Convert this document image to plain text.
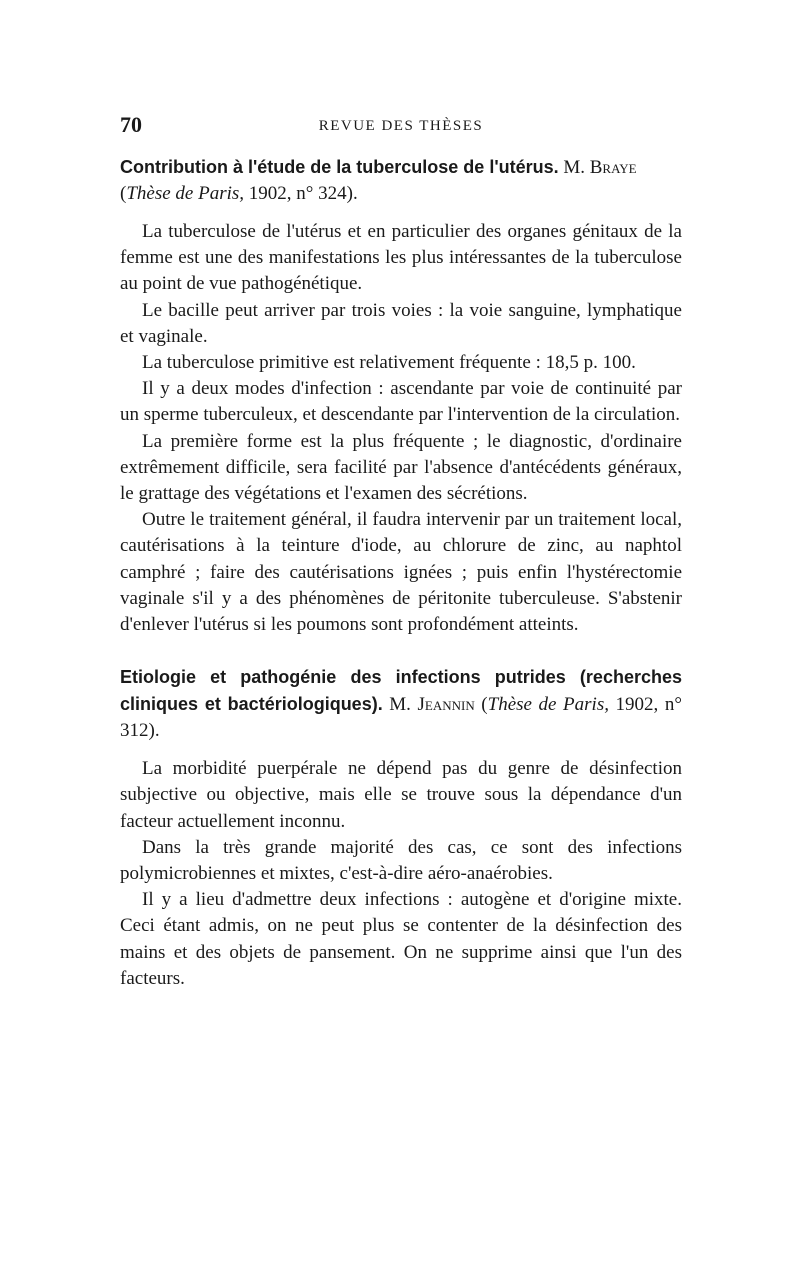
70	REVUE DES THÈSES
Contribution à l'étude de la tuberculose de l'utérus. M. Braye
(Thèse de Paris, 1902, n° 324).

La tuberculose de l'utérus et en particulier des organes génitaux de la femme est une des manifestations les plus intéressantes de la tuberculose au point de vue pathogénétique.

Le bacille peut arriver par trois voies : la voie sanguine, lymphatique et vaginale.

La tuberculose primitive est relativement fréquente : 18,5 p. 100.

Il y a deux modes d'infection : ascendante par voie de continuité par un sperme tuberculeux, et descendante par l'intervention de la circulation.

La première forme est la plus fréquente ; le diagnostic, d'ordinaire extrêmement difficile, sera facilité par l'absence d'antécédents généraux, le grattage des végétations et l'examen des sécrétions.

Outre le traitement général, il faudra intervenir par un traitement local, cautérisations à la teinture d'iode, au chlorure de zinc, au naphtol camphré ; faire des cautérisations ignées ; puis enfin l'hystérectomie vaginale s'il y a des phénomènes de péritonite tuberculeuse. S'abstenir d'enlever l'utérus si les poumons sont profondément atteints.

Etiologie et pathogénie des infections putrides (recherches cliniques et bactériologiques). M. Jeannin (Thèse de Paris, 1902, n° 312).

La morbidité puerpérale ne dépend pas du genre de désinfection subjective ou objective, mais elle se trouve sous la dépendance d'un facteur actuellement inconnu.

Dans la très grande majorité des cas, ce sont des infections polymicrobiennes et mixtes, c'est-à-dire aéro-anaérobies.

Il y a lieu d'admettre deux infections : autogène et d'origine mixte. Ceci étant admis, on ne peut plus se contenter de la désinfection des mains et des objets de pansement. On ne supprime ainsi que l'un des facteurs.
